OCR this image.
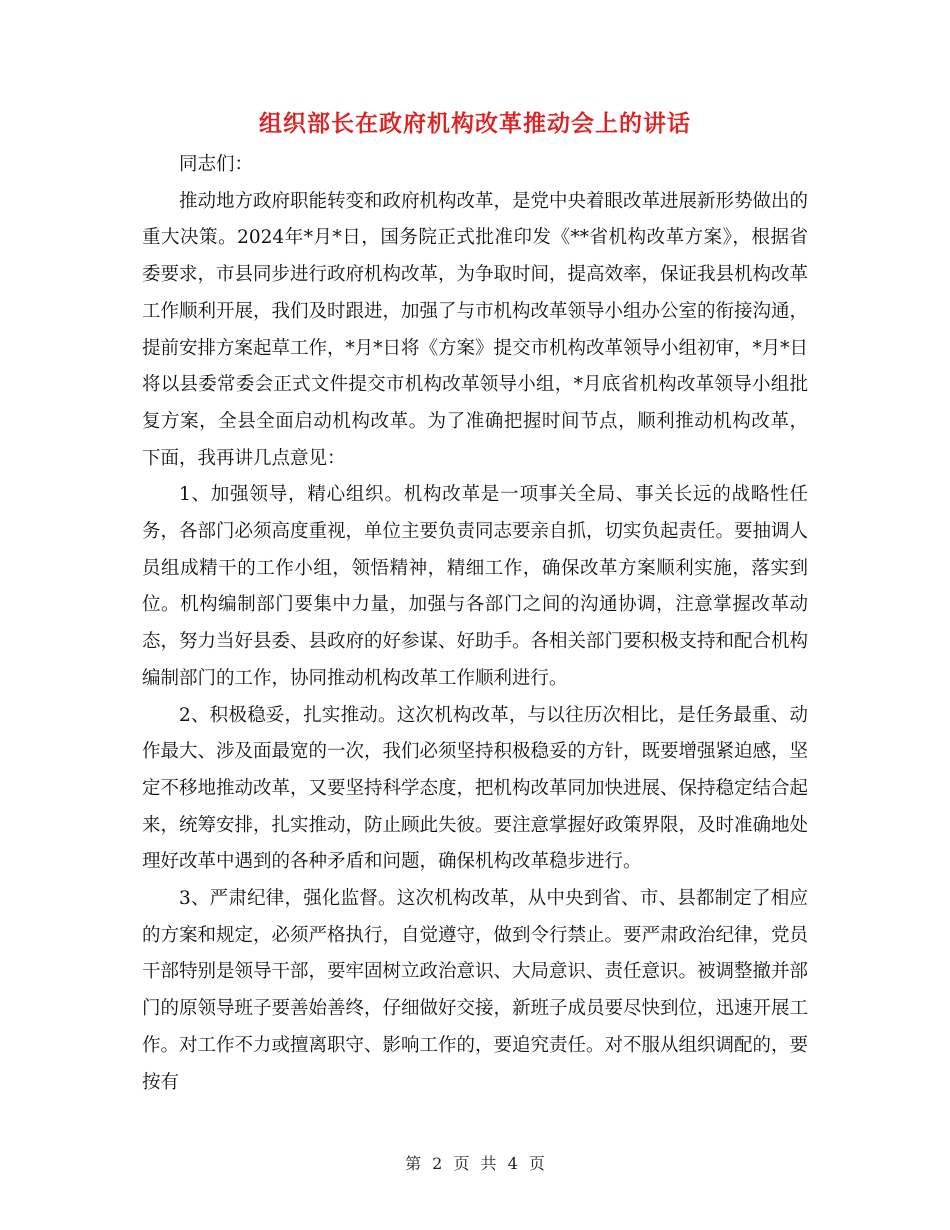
组织部长在政府机构改革推动会上的讲话

同志们：

推动地方政府职能转变和政府机构改革，是党中央着眼改革进展新形势做出的重大决策。2024年*月*日，国务院正式批准印发《**省机构改革方案》，根据省委要求，市县同步进行政府机构改革，为争取时间，提高效率，保证我县机构改革工作顺利开展，我们及时跟进，加强了与市机构改革领导小组办公室的衔接沟通，提前安排方案起草工作，*月*日将《方案》提交市机构改革领导小组初审，*月*日将以县委常委会正式文件提交市机构改革领导小组，*月底省机构改革领导小组批复方案，全县全面启动机构改革。为了准确把握时间节点，顺利推动机构改革， 下面，我再讲几点意见：

1、加强领导，精心组织。机构改革是一项事关全局、事关长远的战略性任务，各部门必须高度重视，单位主要负责同志要亲自抓，切实负起责任。要抽调人员组成精干的工作小组，领悟精神，精细工作，确保改革方案顺利实施，落实到位。机构编制部门要集中力量，加强与各部门之间的沟通协调，注意掌握改革动态，努力当好县委、县政府的好参谋、好助手。各相关部门要积极支持和配合机构编制部门的工作，协同推动机构改革工作顺利进行。

2、积极稳妥，扎实推动。这次机构改革，与以往历次相比，是任务最重、动作最大、涉及面最宽的一次，我们必须坚持积极稳妥的方针，既要增强紧迫感，坚定不移地推动改革，又要坚持科学态度，把机构改革同加快进展、保持稳定结合起来，统筹安排，扎实推动，防止顾此失彼。要注意掌握好政策界限，及时准确地处理好改革中遇到的各种矛盾和问题，确保机构改革稳步进行。

3、严肃纪律，强化监督。这次机构改革，从中央到省、市、县都制定了相应的方案和规定，必须严格执行，自觉遵守，做到令行禁止。要严肃政治纪律，党员干部特别是领导干部，要牢固树立政治意识、大局意识、责任意识。被调整撤并部门的原领导班子要善始善终，仔细做好交接，新班子成员要尽快到位，迅速开展工作。对工作不力或擅离职守、影响工作的，要追究责任。对不服从组织调配的，要按有

第 2 页 共 4 页
